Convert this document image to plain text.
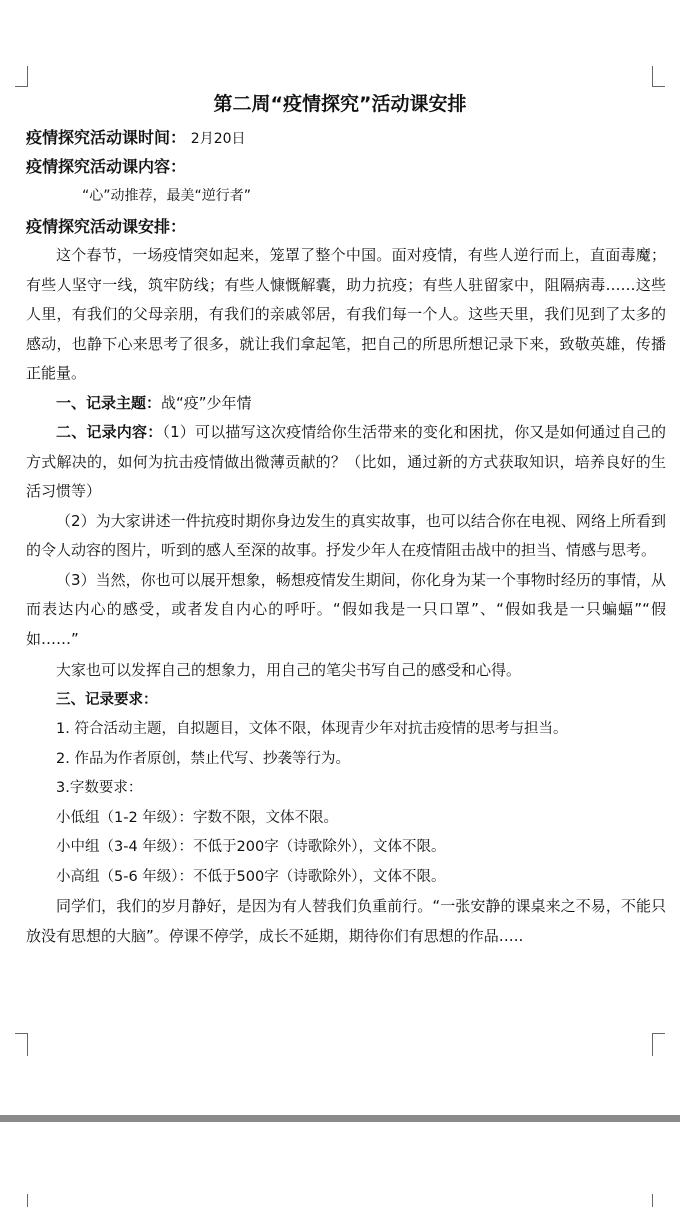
第二周“疫情探究”活动课安排

疫情探究活动课时间： 2月20日

疫情探究活动课内容：

“心”动推荐，最美“逆行者”

疫情探究活动课安排：

这个春节，一场疫情突如起来，笼罩了整个中国。面对疫情，有些人逆行而上，直面毒魔；有些人坚守一线，筑牢防线；有些人慷慨解囊，助力抗疫；有些人驻留家中，阻隔病毒……这些人里，有我们的父母亲朋，有我们的亲戚邻居，有我们每一个人。这些天里，我们见到了太多的感动，也静下心来思考了很多，就让我们拿起笔，把自己的所思所想记录下来，致敬英雄，传播正能量。

一、记录主题：战“疫”少年情

二、记录内容：（1）可以描写这次疫情给你生活带来的变化和困扰，你又是如何通过自己的方式解决的，如何为抗击疫情做出微薄贡献的？（比如，通过新的方式获取知识，培养良好的生活习惯等）

（2）为大家讲述一件抗疫时期你身边发生的真实故事，也可以结合你在电视、网络上所看到的令人动容的图片，听到的感人至深的故事。抒发少年人在疫情阻击战中的担当、情感与思考。

（3）当然，你也可以展开想象，畅想疫情发生期间，你化身为某一个事物时经历的事情，从而表达内心的感受，或者发自内心的呼吁。“假如我是一只口罩”、“假如我是一只蝙蝠”“假如……”

大家也可以发挥自己的想象力，用自己的笔尖书写自己的感受和心得。

三、记录要求：

1. 符合活动主题，自拟题目，文体不限，体现青少年对抗击疫情的思考与担当。

2. 作品为作者原创，禁止代写、抄袭等行为。

3.字数要求：

小低组（1-2 年级）：字数不限，文体不限。

小中组（3-4 年级）：不低于200字（诗歌除外），文体不限。

小高组（5-6 年级）：不低于500字（诗歌除外），文体不限。

同学们，我们的岁月静好，是因为有人替我们负重前行。“一张安静的课桌来之不易，不能只放没有思想的大脑”。停课不停学，成长不延期，期待你们有思想的作品…..
